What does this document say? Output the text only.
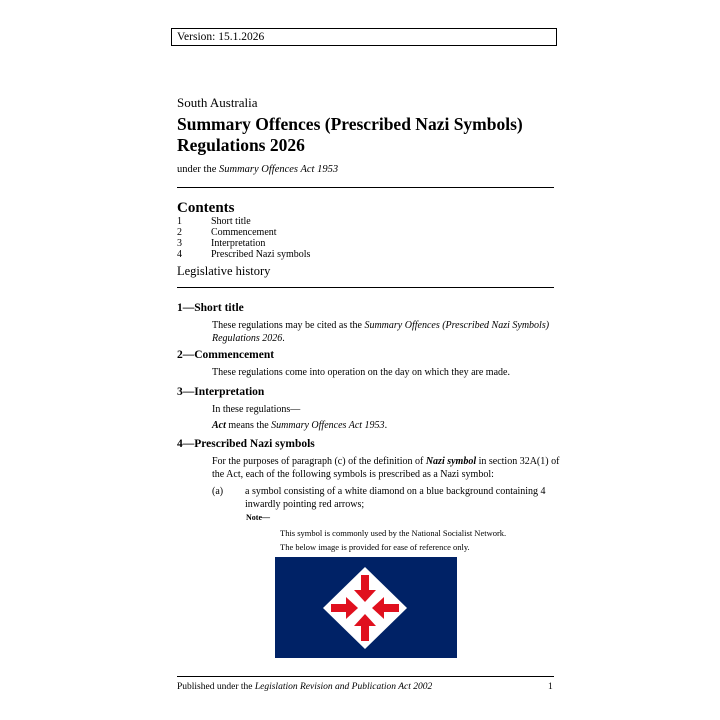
Version: 15.1.2026
South Australia
Summary Offences (Prescribed Nazi Symbols)
Regulations 2026
under the Summary Offences Act 1953
Contents
1	Short title
2	Commencement
3	Interpretation
4	Prescribed Nazi symbols
Legislative history
1—Short title
These regulations may be cited as the Summary Offences (Prescribed Nazi Symbols) Regulations 2026.
2—Commencement
These regulations come into operation on the day on which they are made.
3—Interpretation
In these regulations—
Act means the Summary Offences Act 1953.
4—Prescribed Nazi symbols
For the purposes of paragraph (c) of the definition of Nazi symbol in section 32A(1) of the Act, each of the following symbols is prescribed as a Nazi symbol:
(a) a symbol consisting of a white diamond on a blue background containing 4 inwardly pointing red arrows;
Note—
This symbol is commonly used by the National Socialist Network.
The below image is provided for ease of reference only.
Published under the Legislation Revision and Publication Act 2002	1
